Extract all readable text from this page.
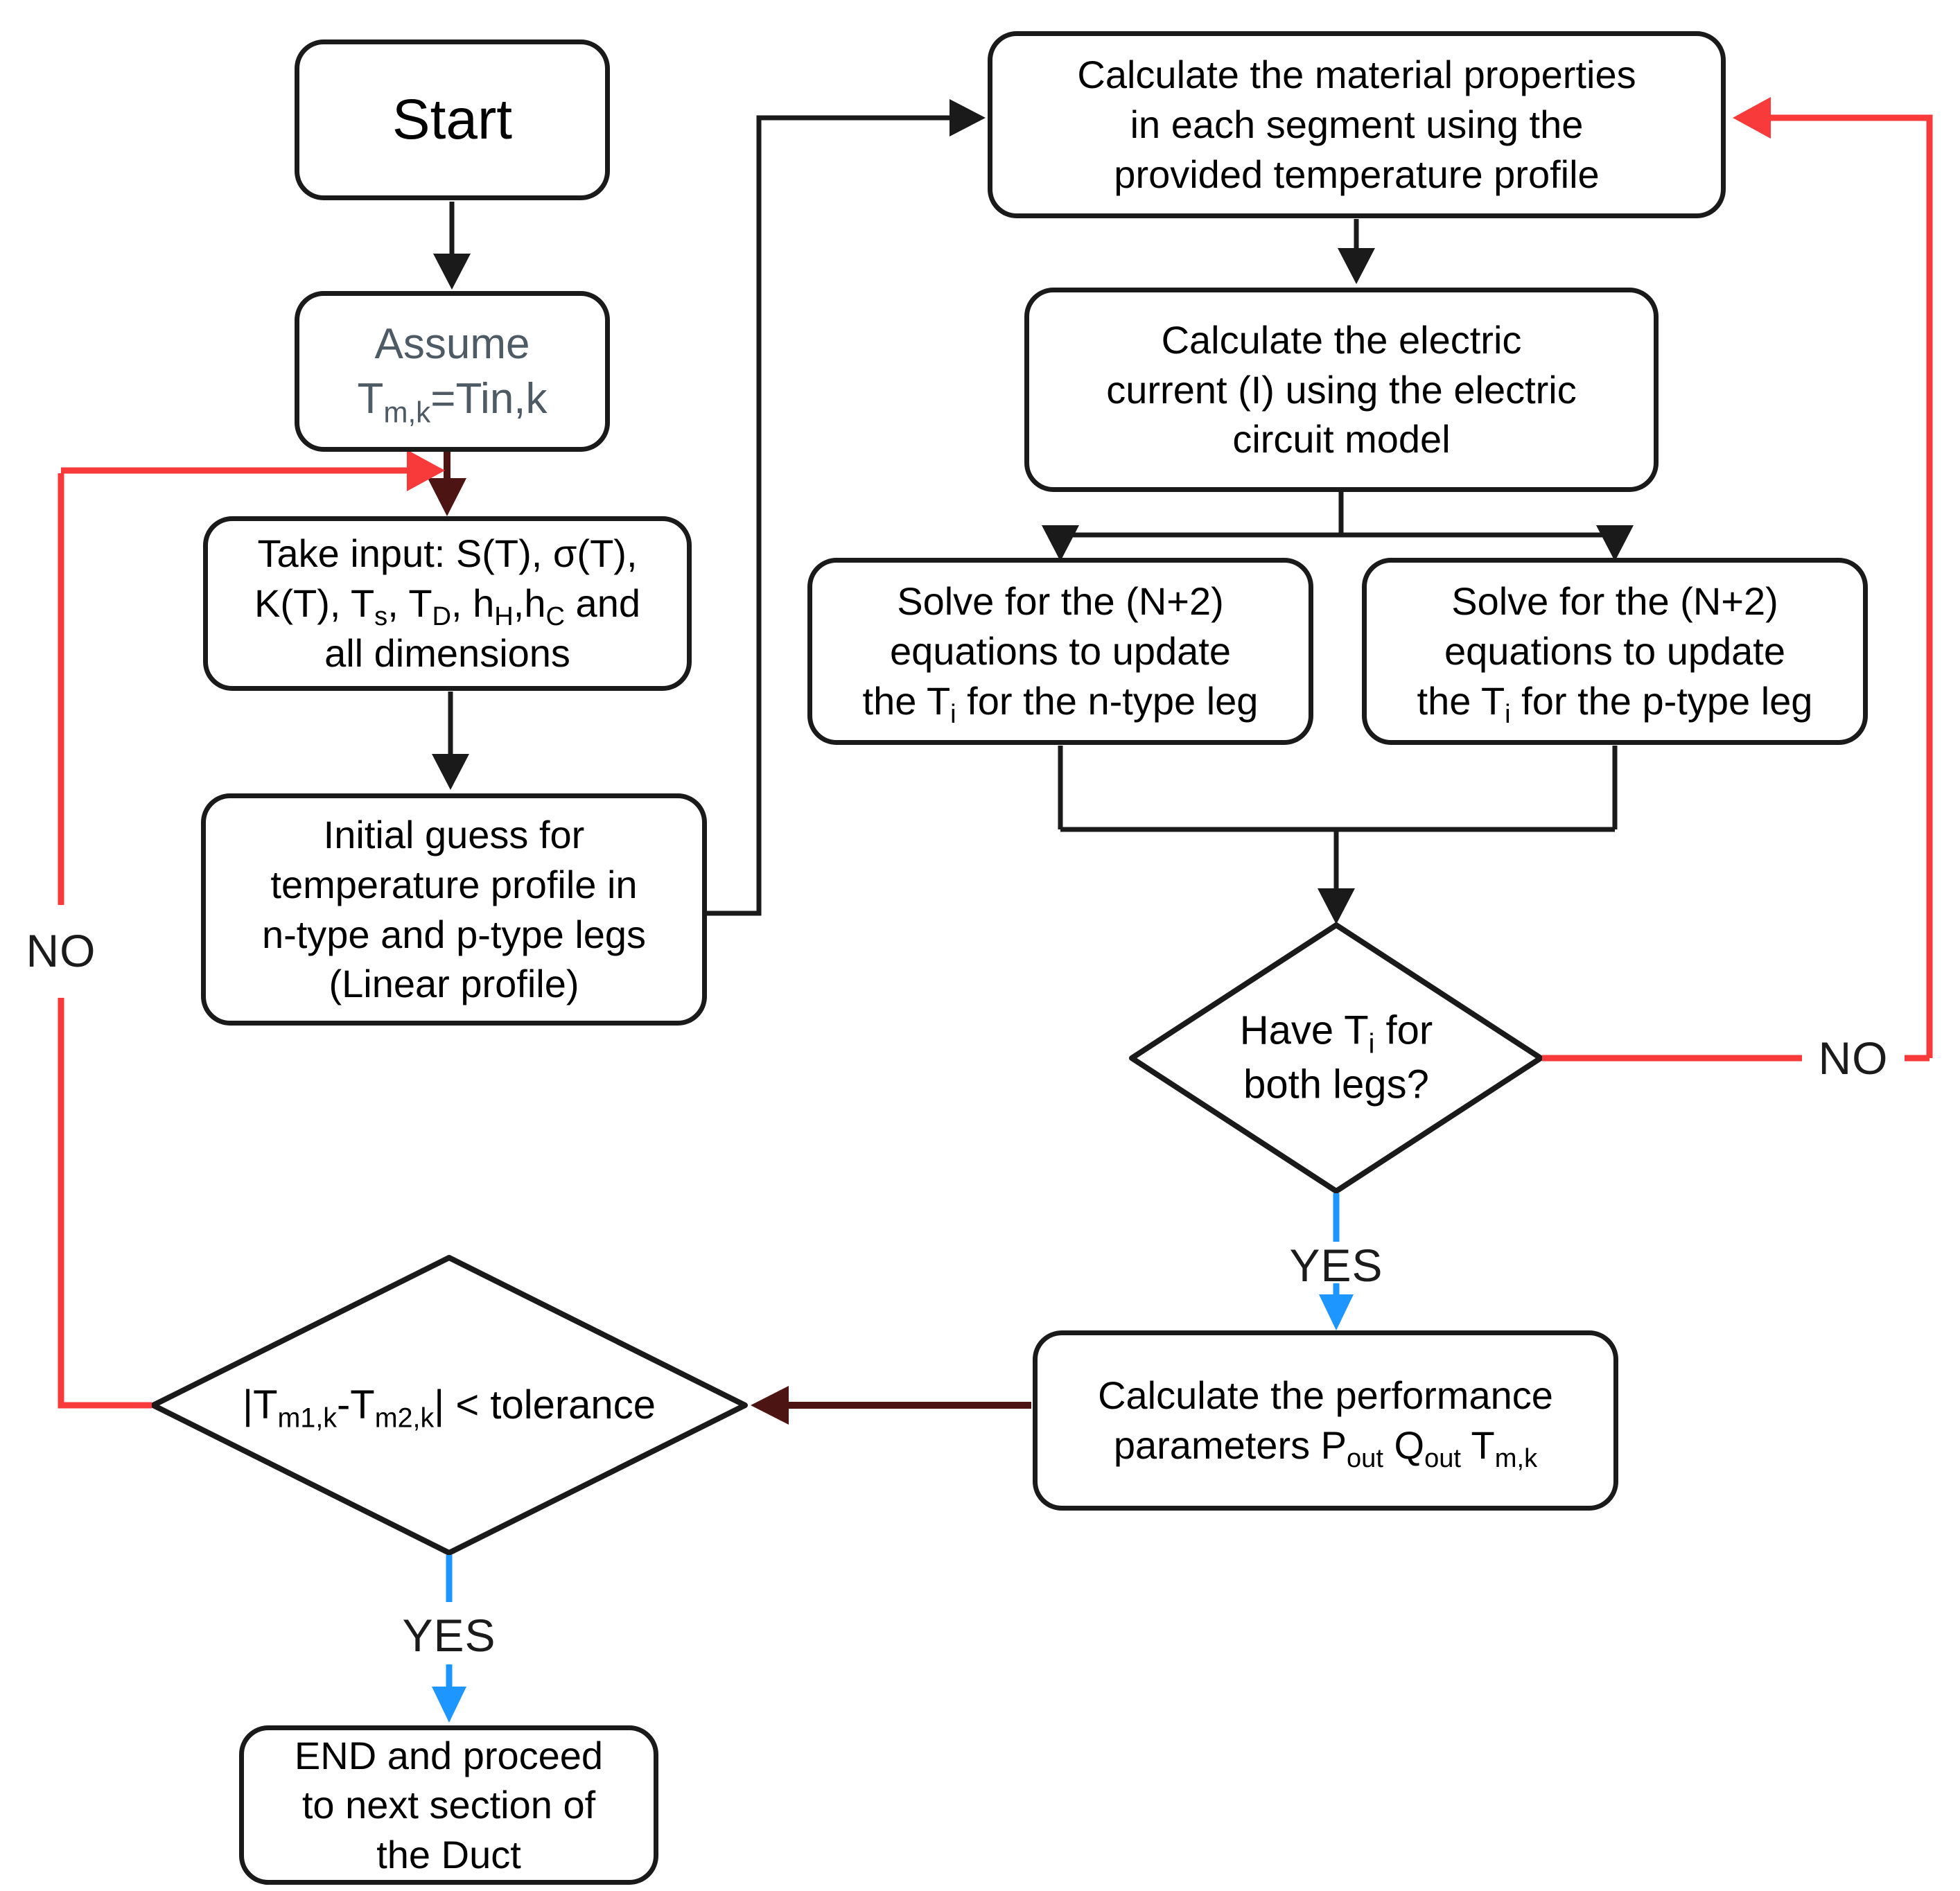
Start
Assume
$T_{m,k}=Tin,k$
Take input: S(T), σ(T),
K(T), $T_s$, $T_D$, $h_H,h_C$ and
all dimensions
Initial guess for
temperature profile in
n-type and p-type legs
(Linear profile)
Calculate the material properties
in each segment using the
provided temperature profile
Calculate the electric
current (I) using the electric
circuit model
Solve for the (N+2)
equations to update
the $T_i$ for the n-type leg
Solve for the (N+2)
equations to update
the $T_i$ for the p-type leg
Calculate the performance
parameters $P_{out}$ $Q_{out}$ $T_{m,k}$
END and proceed
to next section of
the Duct
Have $T_i$ for
both legs?
$|T_{m1,k}-T_{m2,k}|$ < tolerance
YES
YES
NO
NO
